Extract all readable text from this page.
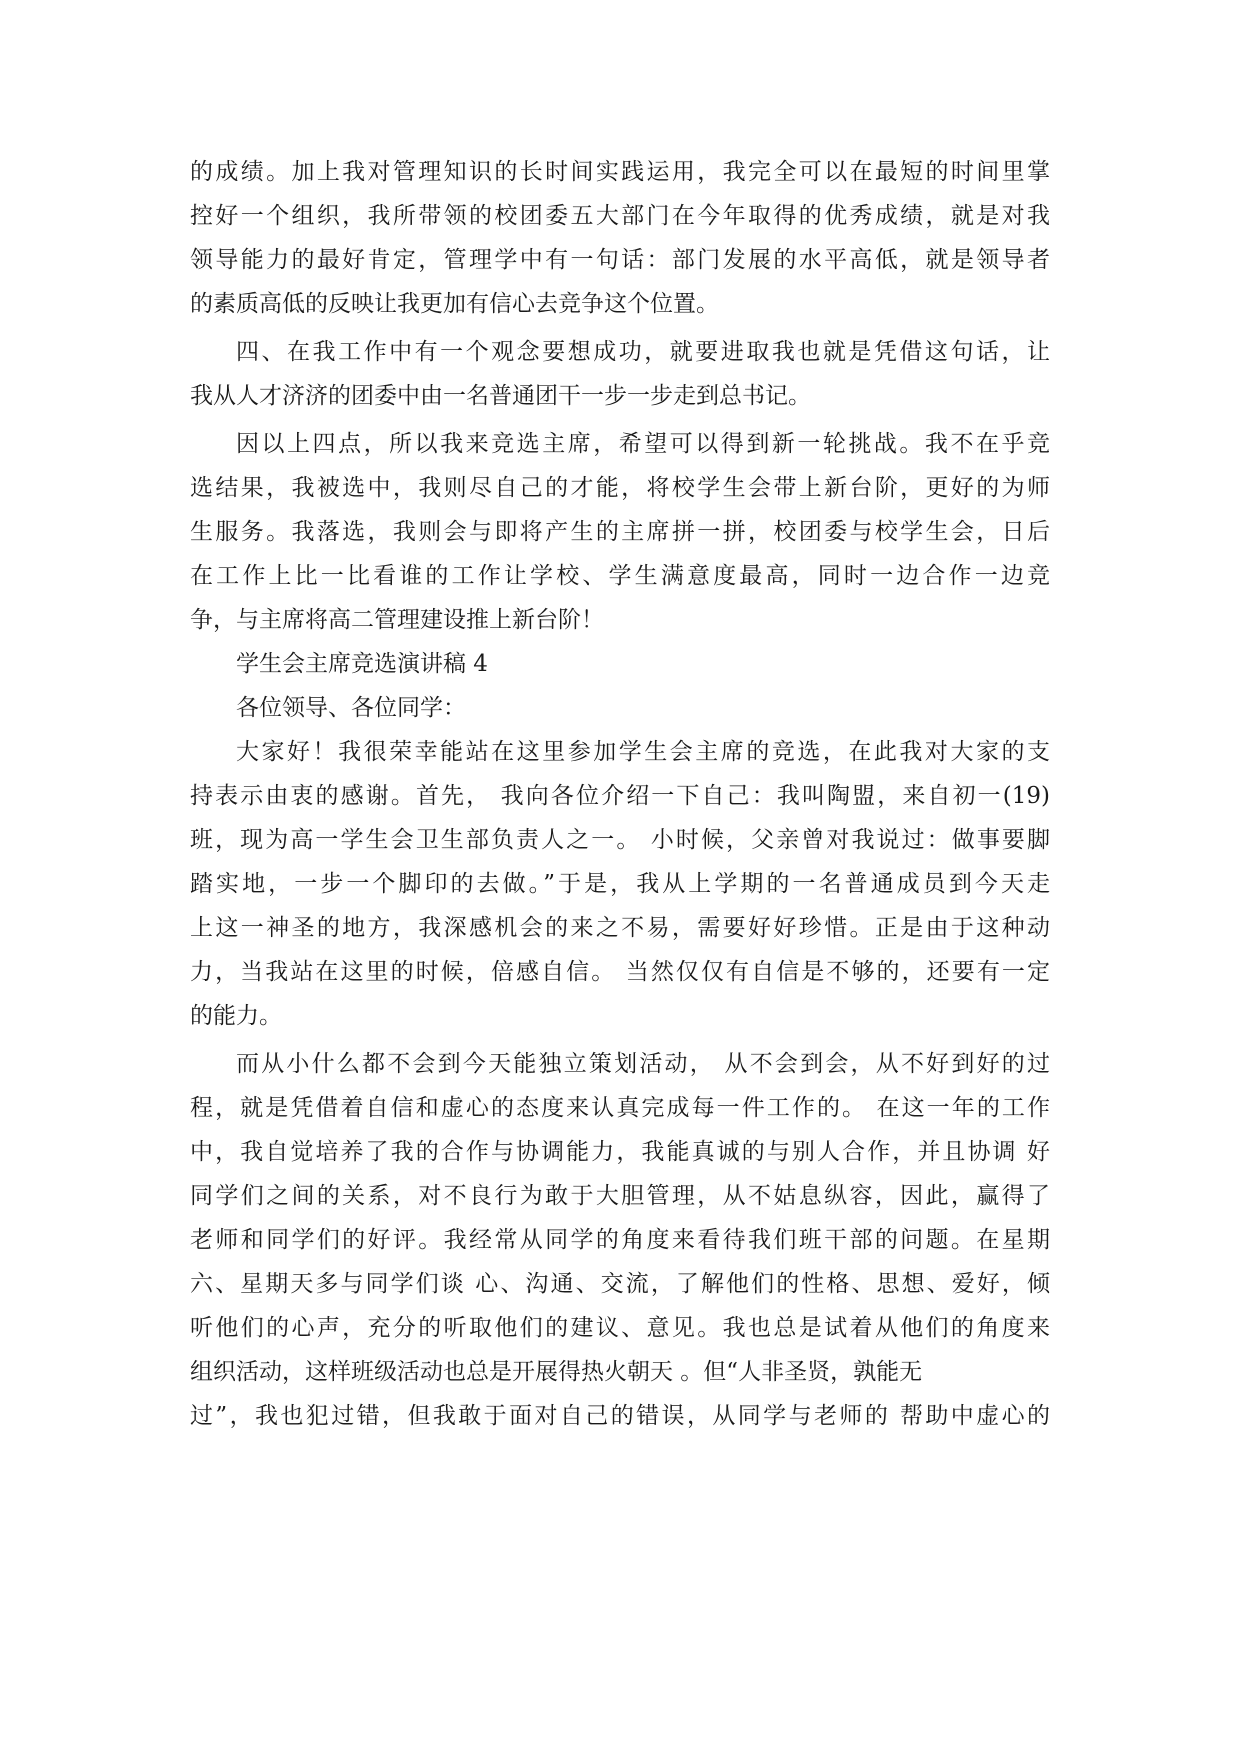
的成绩。加上我对管理知识的长时间实践运用，我完全可以在最短的时间里掌
控好一个组织，我所带领的校团委五大部门在今年取得的优秀成绩，就是对我
领导能力的最好肯定，管理学中有一句话：部门发展的水平高低，就是领导者
的素质高低的反映让我更加有信心去竞争这个位置。
四、在我工作中有一个观念要想成功，就要进取我也就是凭借这句话，让
我从人才济济的团委中由一名普通团干一步一步走到总书记。
因以上四点，所以我来竞选主席，希望可以得到新一轮挑战。我不在乎竞
选结果，我被选中，我则尽自己的才能，将校学生会带上新台阶，更好的为师
生服务。我落选，我则会与即将产生的主席拼一拼，校团委与校学生会，日后
在工作上比一比看谁的工作让学校、学生满意度最高，同时一边合作一边竞
争，与主席将高二管理建设推上新台阶！
学生会主席竞选演讲稿 4
各位领导、各位同学：
大家好！我很荣幸能站在这里参加学生会主席的竞选，在此我对大家的支
持表示由衷的感谢。首先， 我向各位介绍一下自己：我叫陶盟，来自初一(19)
班，现为高一学生会卫生部负责人之一。 小时候，父亲曾对我说过：做事要脚
踏实地，一步一个脚印的去做。”于是，我从上学期的一名普通成员到今天走
上这一神圣的地方，我深感机会的来之不易，需要好好珍惜。正是由于这种动
力，当我站在这里的时候，倍感自信。 当然仅仅有自信是不够的，还要有一定
的能力。
而从小什么都不会到今天能独立策划活动， 从不会到会，从不好到好的过
程，就是凭借着自信和虚心的态度来认真完成每一件工作的。 在这一年的工作
中，我自觉培养了我的合作与协调能力，我能真诚的与别人合作，并且协调 好
同学们之间的关系，对不良行为敢于大胆管理，从不姑息纵容，因此，赢得了
老师和同学们的好评。我经常从同学的角度来看待我们班干部的问题。在星期
六、星期天多与同学们谈 心、沟通、交流，了解他们的性格、思想、爱好，倾
听他们的心声，充分的听取他们的建议、意见。我也总是试着从他们的角度来
组织活动，这样班级活动也总是开展得热火朝天 。但“人非圣贤，孰能无
过”，我也犯过错，但我敢于面对自己的错误，从同学与老师的 帮助中虚心的
